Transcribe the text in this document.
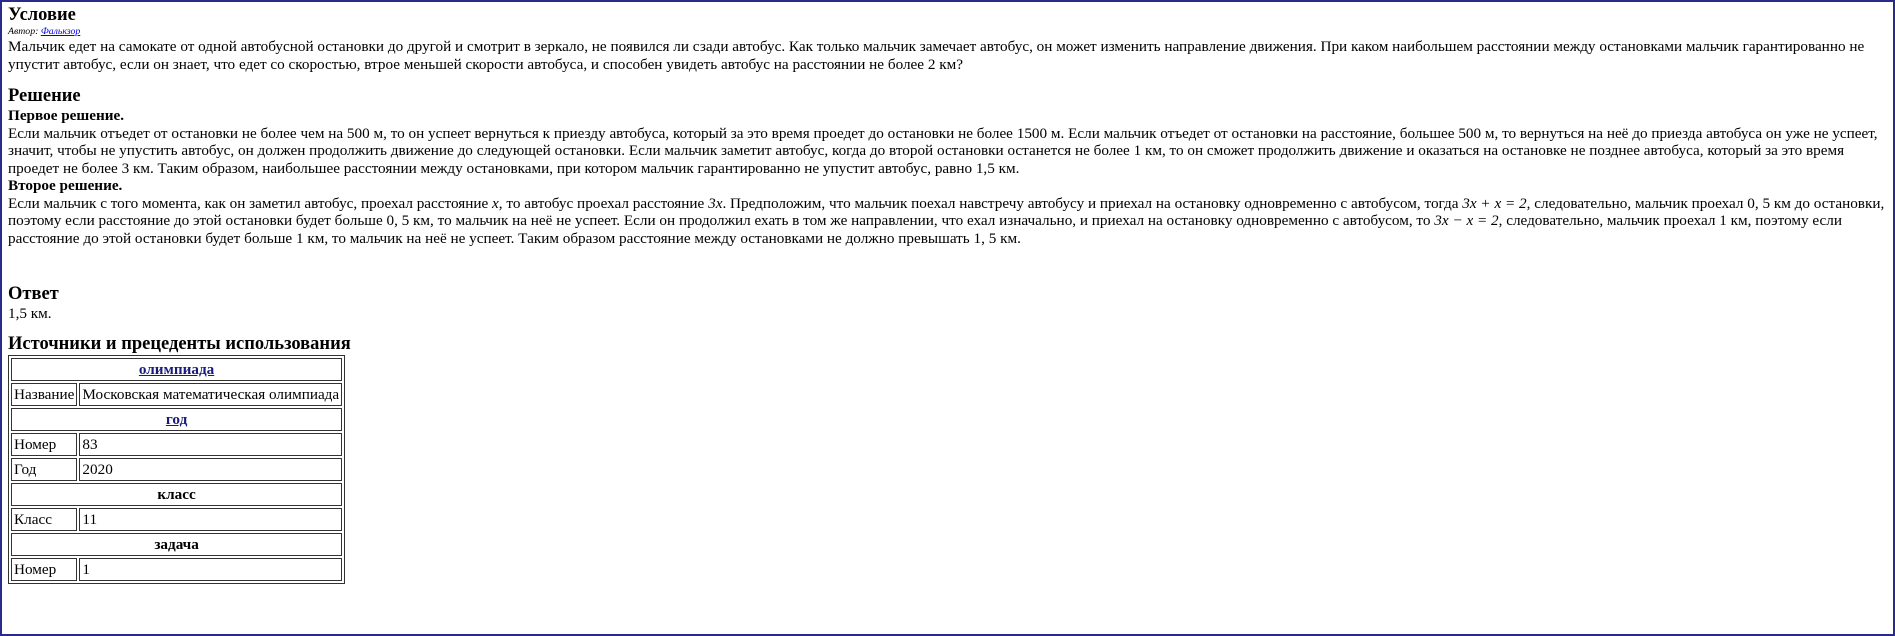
Условие
Автор: Фалькзор

Мальчик едет на самокате от одной автобусной остановки до другой и смотрит в зеркало, не появился ли сзади автобус. Как только мальчик замечает автобус, он может изменить направление движения. При каком наибольшем расстоянии между остановками мальчик гарантированно не упустит автобус, если он знает, что едет со скоростью, втрое меньшей скорости автобуса, и способен увидеть автобус на расстоянии не более 2 км?

Решение

Первое решение.

Если мальчик отъедет от остановки не более чем на 500 м, то он успеет вернуться к приезду автобуса, который за это время проедет до остановки не более 1500 м. Если мальчик отъедет от остановки на расстояние, большее 500 м, то вернуться на неё до приезда автобуса он уже не успеет, значит, чтобы не упустить автобус, он должен продолжить движение до следующей остановки. Если мальчик заметит автобус, когда до второй остановки останется не более 1 км, то он сможет продолжить движение и оказаться на остановке не позднее автобуса, который за это время проедет не более 3 км. Таким образом, наибольшее расстоянии между остановками, при котором мальчик гарантированно не упустит автобус, равно 1,5 км.

Второе решение.

Если мальчик с того момента, как он заметил автобус, проехал расстояние x, то автобус проехал расстояние 3x. Предположим, что мальчик поехал навстречу автобусу и приехал на остановку одновременно с автобусом, тогда 3x + x = 2, следовательно, мальчик проехал 0, 5 км до остановки, поэтому если расстояние до этой остановки будет больше 0, 5 км, то мальчик на неё не успеет. Если он продолжил ехать в том же направлении, что ехал изначально, и приехал на остановку одновременно с автобусом, то 3x − x = 2, следовательно, мальчик проехал 1 км, поэтому если расстояние до этой остановки будет больше 1 км, то мальчик на неё не успеет. Таким образом расстояние между остановками не должно превышать 1, 5 км.

Ответ

1,5 км.

Источники и прецеденты использования
олимпиада	
Название	Московская математическая олимпиада
год	
Номер	83
Год	2020
класс	
Класс	11
задача	
Номер	1
